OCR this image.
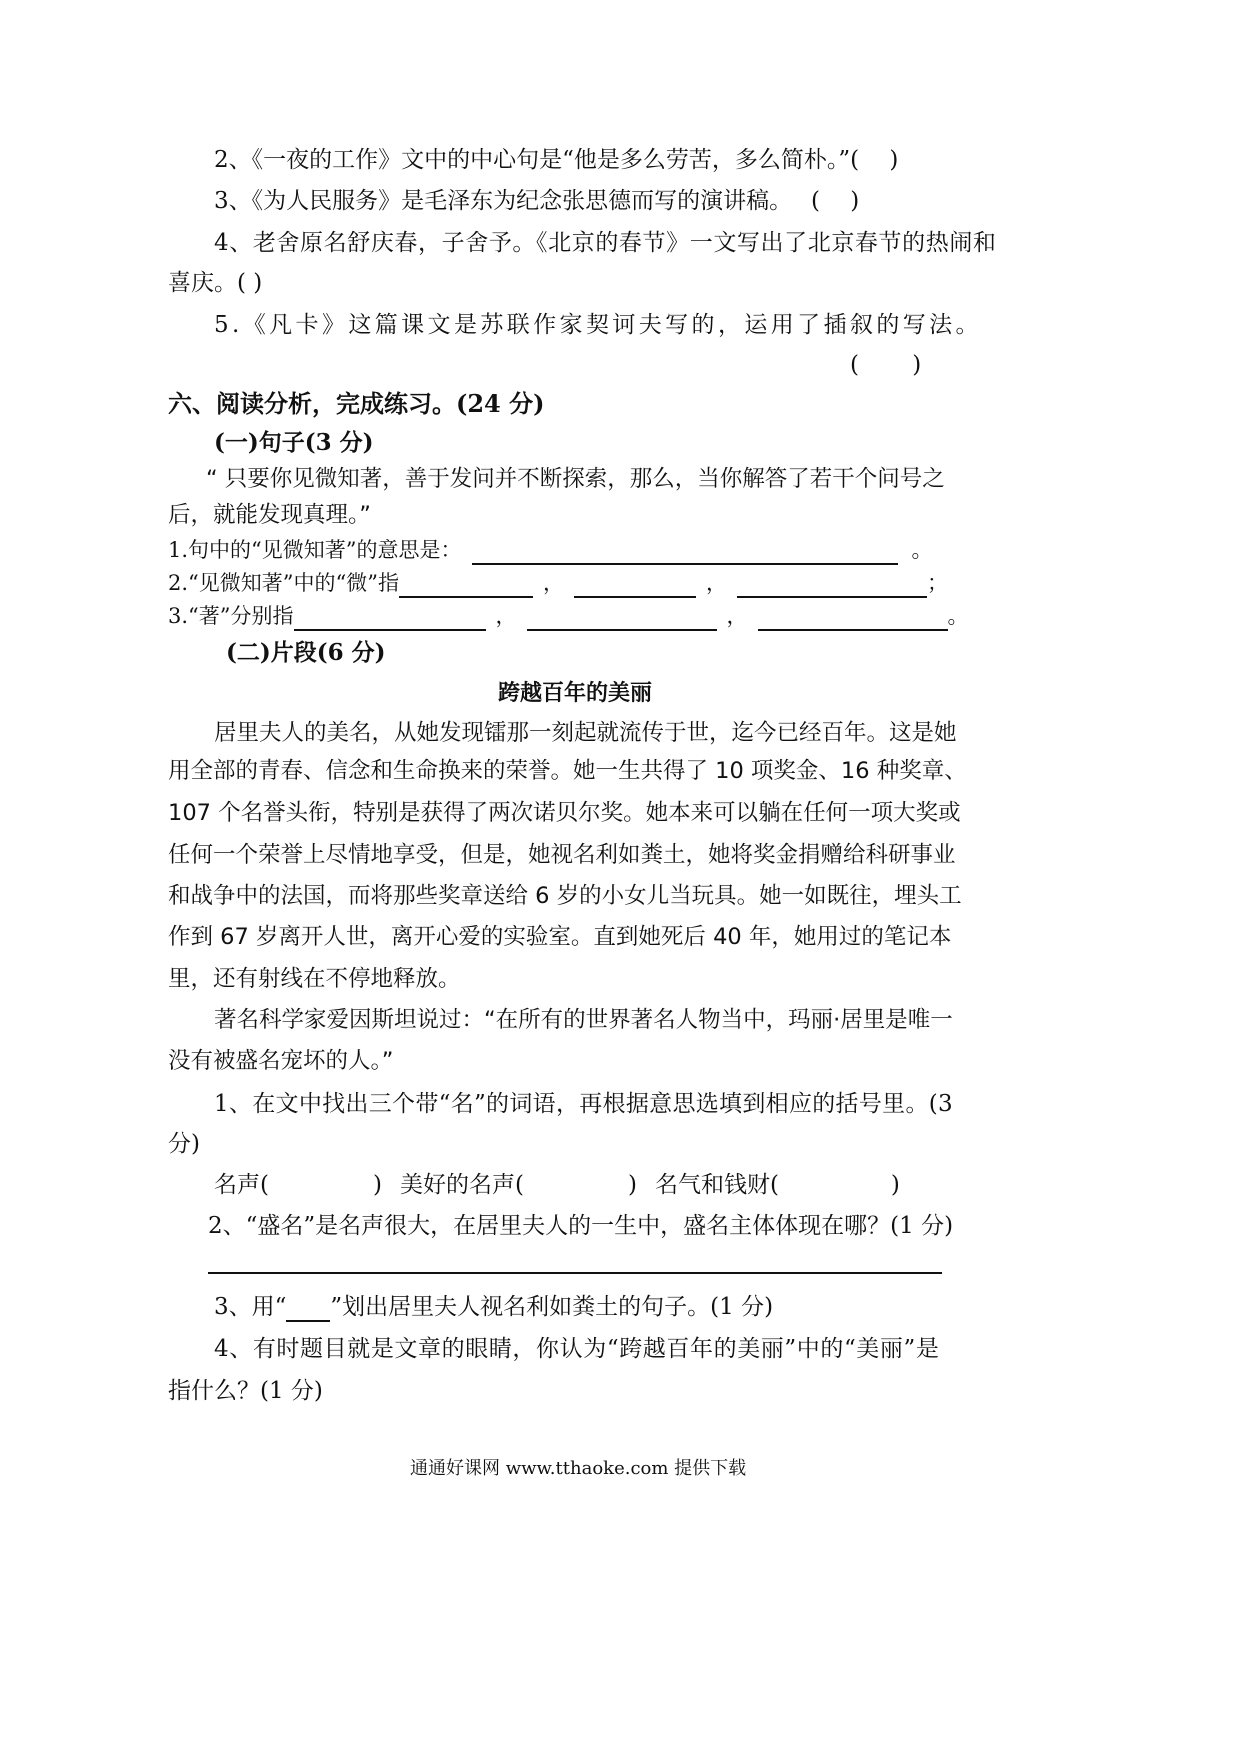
2、《一夜的工作》文中的中心句是“他是多么劳苦，多么简朴。”(　 )
3、《为人民服务》是毛泽东为纪念张思德而写的演讲稿。　 (　 )
4、老舍原名舒庆春，子舍予。《北京的春节》一文写出了北京春节的热闹和
喜庆。( )
5.《凡卡》这篇课文是苏联作家契诃夫写的，运用了插叙的写法。
(　 　)
六、阅读分析，完成练习。(24 分)
(一)句子(3 分)
“ 只要你见微知著，善于发问并不断探索，那么，当你解答了若干个问号之
后，就能发现真理。”
1.句中的“见微知著”的意思是：	。
2.“见微知著”中的“微”指	，	，	；
3.“著”分别指	，	，	。
(二)片段(6 分)
跨越百年的美丽
居里夫人的美名，从她发现镭那一刻起就流传于世，迄今已经百年。这是她
用全部的青春、信念和生命换来的荣誉。她一生共得了 10 项奖金、16 种奖章、
107 个名誉头衔，特别是获得了两次诺贝尔奖。她本来可以躺在任何一项大奖或
任何一个荣誉上尽情地享受，但是，她视名利如粪土，她将奖金捐赠给科研事业
和战争中的法国，而将那些奖章送给 6 岁的小女儿当玩具。她一如既往，埋头工
作到 67 岁离开人世，离开心爱的实验室。直到她死后 40 年，她用过的笔记本
里，还有射线在不停地释放。
著名科学家爱因斯坦说过：“在所有的世界著名人物当中，玛丽·居里是唯一
没有被盛名宠坏的人。”
1、在文中找出三个带“名”的词语，再根据意思选填到相应的括号里。(3
分)
名声(	) 美好的名声(	) 名气和钱财(	)
2、“盛名”是名声很大，在居里夫人的一生中，盛名主体体现在哪？(1 分)
3、用“ ”划出居里夫人视名利如粪土的句子。(1 分)
4、有时题目就是文章的眼睛，你认为“跨越百年的美丽”中的“美丽”是
指什么？(1 分)
通通好课网 www.tthaoke.com 提供下载
